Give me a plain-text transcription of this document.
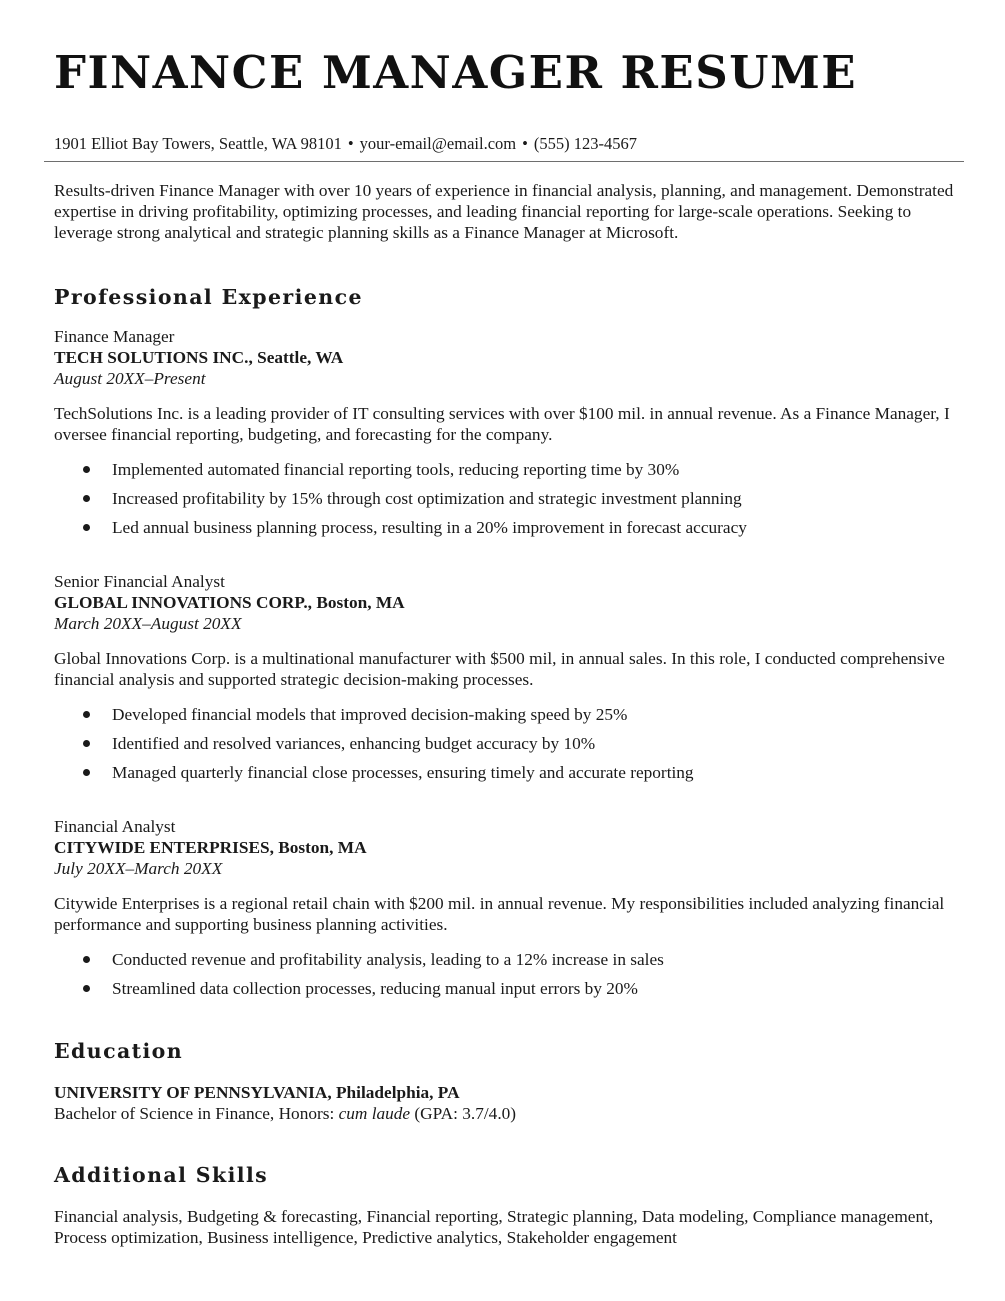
FINANCE MANAGER RESUME
1901 Elliot Bay Towers, Seattle, WA 98101 • your-email@email.com • (555) 123-4567

Results-driven Finance Manager with over 10 years of experience in financial analysis, planning, and management. Demonstrated expertise in driving profitability, optimizing processes, and leading financial reporting for large-scale operations. Seeking to leverage strong analytical and strategic planning skills as a Finance Manager at Microsoft.

Professional Experience

Finance Manager

TECH SOLUTIONS INC., Seattle, WA

August 20XX–Present

TechSolutions Inc. is a leading provider of IT consulting services with over $100 mil. in annual revenue. As a Finance Manager, I oversee financial reporting, budgeting, and forecasting for the company.

Implemented automated financial reporting tools, reducing reporting time by 30%
Increased profitability by 15% through cost optimization and strategic investment planning
Led annual business planning process, resulting in a 20% improvement in forecast accuracy

Senior Financial Analyst

GLOBAL INNOVATIONS CORP., Boston, MA

March 20XX–August 20XX

Global Innovations Corp. is a multinational manufacturer with $500 mil, in annual sales. In this role, I conducted comprehensive financial analysis and supported strategic decision-making processes.

Developed financial models that improved decision-making speed by 25%
Identified and resolved variances, enhancing budget accuracy by 10%
Managed quarterly financial close processes, ensuring timely and accurate reporting

Financial Analyst

CITYWIDE ENTERPRISES, Boston, MA

July 20XX–March 20XX

Citywide Enterprises is a regional retail chain with $200 mil. in annual revenue. My responsibilities included analyzing financial performance and supporting business planning activities.

Conducted revenue and profitability analysis, leading to a 12% increase in sales
Streamlined data collection processes, reducing manual input errors by 20%
Education

UNIVERSITY OF PENNSYLVANIA, Philadelphia, PA

Bachelor of Science in Finance, Honors: cum laude (GPA: 3.7/4.0)

Additional Skills

Financial analysis, Budgeting & forecasting, Financial reporting, Strategic planning, Data modeling, Compliance management, Process optimization, Business intelligence, Predictive analytics, Stakeholder engagement
